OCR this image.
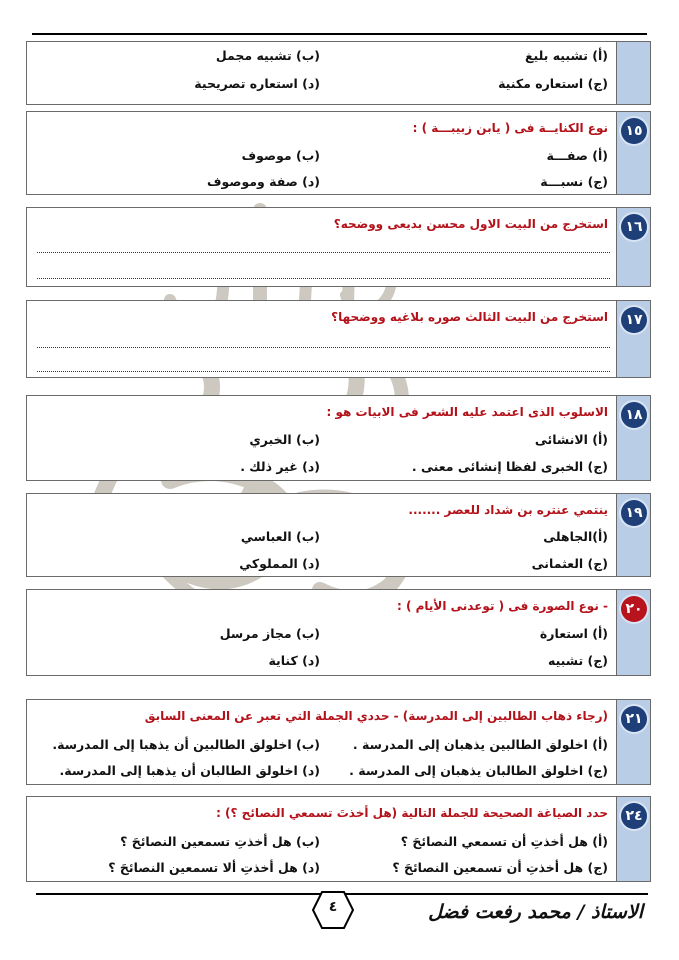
(أ) تشبيه بليغ
(ب) تشبيه مجمل
(ج) استعاره مكنية
(د) استعاره تصريحية
١٥
نوع الكنايــة فى ( يابن زبيبـــة ) :
(أ) صفـــة
(ب) موصوف
(ج) نسبـــة
(د) صفة وموصوف
١٦
استخرج من البيت الاول محسن بديعى ووضحه؟
١٧
استخرج من البيت الثالث صوره بلاغيه ووضحها؟
١٨
الاسلوب الذى اعتمد عليه الشعر فى الابيات هو :
(أ) الانشائى
(ب) الخبري
(ج) الخبرى لفظا إنشائى معنى .
(د) غير ذلك .
١٩
ينتمي عنتره بن شداد للعصر .......
(أ)الجاهلى
(ب) العباسي
(ج) العثمانى
(د) المملوكي
٢٠
- نوع الصورة فى ( توعدنى الأيام ) :
(أ) استعارة
(ب) مجاز مرسل
(ج) تشبيه
(د) كناية
٢١
(رجاء ذهاب الطالبين إلى المدرسة) - حددي الجملة التي تعبر عن المعنى السابق
(أ) اخلولق الطالبين يذهبان إلى المدرسة .
(ب) اخلولق الطالبين أن يذهبا إلى المدرسة.
(ج) اخلولق الطالبان يذهبان إلى المدرسة .
(د) اخلولق الطالبان أن يذهبا إلى المدرسة.
٢٤
حدد الصياغة الصحيحة للجملة التالية (هل أخذتَ تسمعي النصائح ؟) :
(أ) هل أخذتِ أن تسمعي النصائحَ ؟
(ب) هل أخذتِ تسمعين النصائحَ ؟
(ج) هل أخذتِ أن تسمعين النصائحَ ؟
(د) هل أخذتِ ألا تسمعين النصائحَ ؟
٤	الاستاذ / محمد رفعت فضل
